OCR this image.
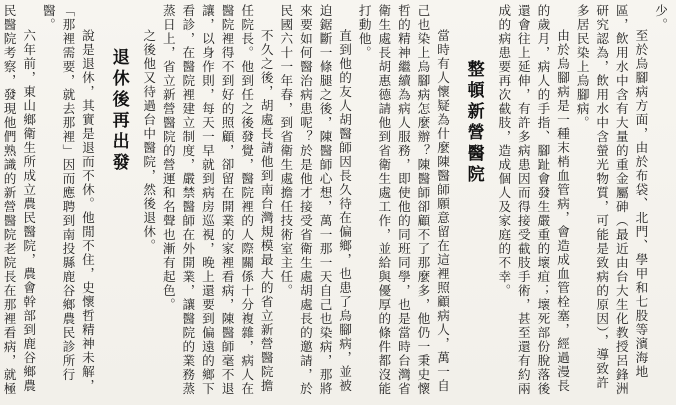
少。

至於烏腳病方面，由於布袋、北門、學甲和七股等濱海地區，飲用水中含有大量的重金屬砷（最近由台大生化教授呂鋒洲研究認為，飲用水中含螢光物質，可能是致病的原因），導致許多居民染上烏腳病。

由於烏腳病是一種末梢血管病，會造成血管栓塞，經過漫長的歲月，病人的手指、腳趾會發生嚴重的壞疽；壞死部份脫落後還會往上延伸，有許多病患因而得接受截肢手術，甚至還有約兩成的病患要再次截肢，造成個人及家庭的不幸。

整頓新營醫院

當時有人懷疑為什麼陳醫師願意留在這裡照顧病人，萬一自己也染上烏腳病怎麼辦？陳醫師卻顧不了那麼多，他仍一秉史懷哲的精神繼續為病人服務，即使他的同班同學，也是當時台灣省衛生處長胡惠德請他到省衛生處工作，並給與優厚的條件都沒能打動他。

直到他的友人胡醫師因長久待在偏鄉，也患了烏腳病，並被迫鋸斷一條腿之後，陳醫師心想，萬一那一天自己也染病，那將來要如何醫治病患呢？於是他才接受省衛生處胡處長的邀請，於民國六十一年春，到省衛生處擔任技術室主任。

不久之後，胡處長請他到南台灣規模最大的省立新營醫院擔任院長。他到任之後發覺，醫院裡的人際關係十分複雜，病人在醫院裡得不到好的照顧，卻留在開業的家裡看病，陳醫師毫不退讓，以身作則，每天一早就到病房巡視，晚上還要到偏遠的鄉下看診，在醫院裡建立制度，嚴禁醫師在外開業，讓醫院的業務蒸蒸日上，省立新營醫院的營運和名聲也漸有起色。

之後他又待過台中醫院，然後退休。

退休後再出發

說是退休，其實是退而不休。他閒不住，史懷哲精神未解，「那裡需要，就去那裡」因而應聘到南投縣鹿谷鄉農民診所行醫。

六年前，東山鄉衛生所成立農民醫院，農會幹部到鹿谷鄉農民醫院考察，發現他們熟識的新營醫院老院長在那裡看病，就極
